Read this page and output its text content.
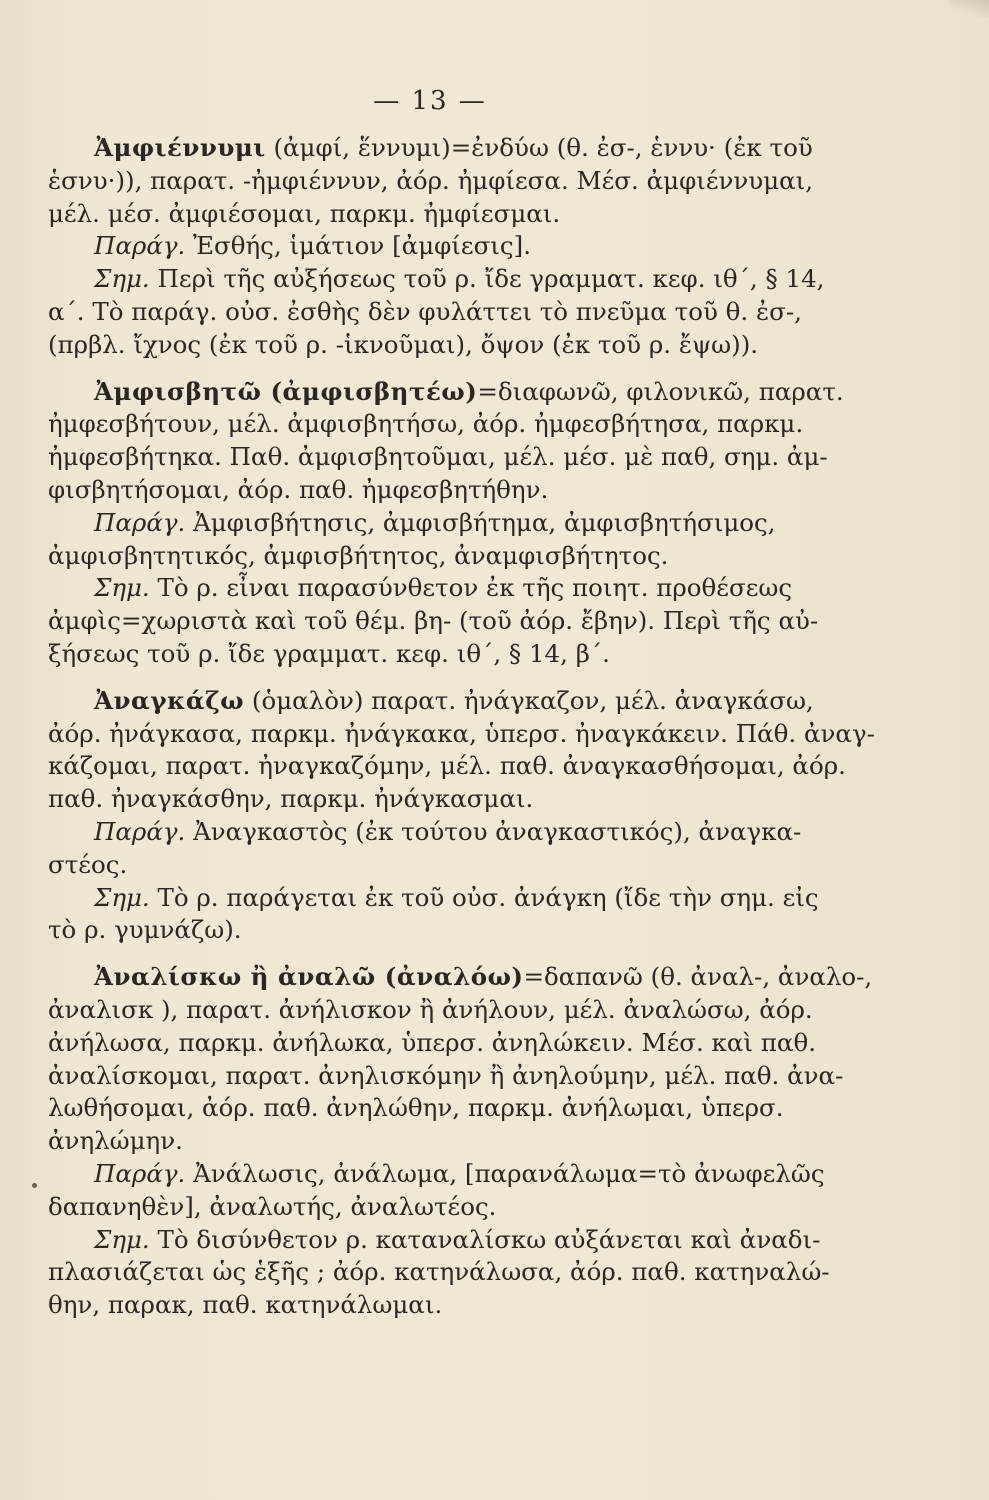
— 13 —
Ἀμφιέννυμι (ἀμφί, ἕννυμι)=ἐνδύω (θ. ἐσ-, ἑννυ· (ἐκ τοῦ
ἑσνυ·)), παρατ. -ἠμφιέννυν, ἀόρ. ἠμφίεσα. Μέσ. ἀμφιέννυμαι,
μέλ. μέσ. ἀμφιέσομαι, παρκμ. ἠμφίεσμαι.
Παράγ. Ἐσθής, ἱμάτιον [ἀμφίεσις].
Σημ. Περὶ τῆς αὐξήσεως τοῦ ρ. ἴδε γραμματ. κεφ. ιθ΄, § 14,
α΄. Τὸ παράγ. οὐσ. ἐσθὴς δὲν φυλάττει τὸ πνεῦμα τοῦ θ. ἐσ-,
(πρβλ. ἴχνος (ἐκ τοῦ ρ. -ἱκνοῦμαι), ὄψον (ἐκ τοῦ ρ. ἔψω)).
Ἀμφισβητῶ (ἀμφισβητέω)=διαφωνῶ, φιλονικῶ, παρατ.
ἠμφεσβήτουν, μέλ. ἀμφισβητήσω, ἀόρ. ἠμφεσβήτησα, παρκμ.
ἠμφεσβήτηκα. Παθ. ἀμφισβητοῦμαι, μέλ. μέσ. μὲ παθ, σημ. ἀμ-
φισβητήσομαι, ἀόρ. παθ. ἠμφεσβητήθην.
Παράγ. Ἀμφισβήτησις, ἀμφισβήτημα, ἀμφισβητήσιμος,
ἀμφισβητητικός, ἀμφισβήτητος, ἀναμφισβήτητος.
Σημ. Τὸ ρ. εἶναι παρασύνθετον ἐκ τῆς ποιητ. προθέσεως
ἀμφὶς=χωριστὰ καὶ τοῦ θέμ. βη- (τοῦ ἀόρ. ἔβην). Περὶ τῆς αὐ-
ξήσεως τοῦ ρ. ἴδε γραμματ. κεφ. ιθ΄, § 14, β΄.
Ἀναγκάζω (ὁμαλὸν) παρατ. ἠνάγκαζον, μέλ. ἀναγκάσω,
ἀόρ. ἠνάγκασα, παρκμ. ἠνάγκακα, ὑπερσ. ἠναγκάκειν. Πάθ. ἀναγ-
κάζομαι, παρατ. ἠναγκαζόμην, μέλ. παθ. ἀναγκασθήσομαι, ἀόρ.
παθ. ἠναγκάσθην, παρκμ. ἠνάγκασμαι.
Παράγ. Ἀναγκαστὸς (ἐκ τούτου ἀναγκαστικός), ἀναγκα-
στέος.
Σημ. Τὸ ρ. παράγεται ἐκ τοῦ οὐσ. ἀνάγκη (ἴδε τὴν σημ. εἰς
τὸ ρ. γυμνάζω).
Ἀναλίσκω ἢ ἀναλῶ (ἀναλόω)=δαπανῶ (θ. ἀναλ-, ἀναλο-,
ἀναλισκ ), παρατ. ἀνήλισκον ἢ ἀνήλουν, μέλ. ἀναλώσω, ἀόρ.
ἀνήλωσα, παρκμ. ἀνήλωκα, ὑπερσ. ἀνηλώκειν. Μέσ. καὶ παθ.
ἀναλίσκομαι, παρατ. ἀνηλισκόμην ἢ ἀνηλούμην, μέλ. παθ. ἀνα-
λωθήσομαι, ἀόρ. παθ. ἀνηλώθην, παρκμ. ἀνήλωμαι, ὑπερσ.
ἀνηλώμην.
Παράγ. Ἀνάλωσις, ἀνάλωμα, [παρανάλωμα=τὸ ἀνωφελῶς
δαπανηθὲν], ἀναλωτής, ἀναλωτέος.
Σημ. Τὸ δισύνθετον ρ. καταναλίσκω αὐξάνεται καὶ ἀναδι-
πλασιάζεται ὡς ἑξῆς ; ἀόρ. κατηνάλωσα, ἀόρ. παθ. κατηναλώ-
θην, παρακ, παθ. κατηνάλωμαι.
